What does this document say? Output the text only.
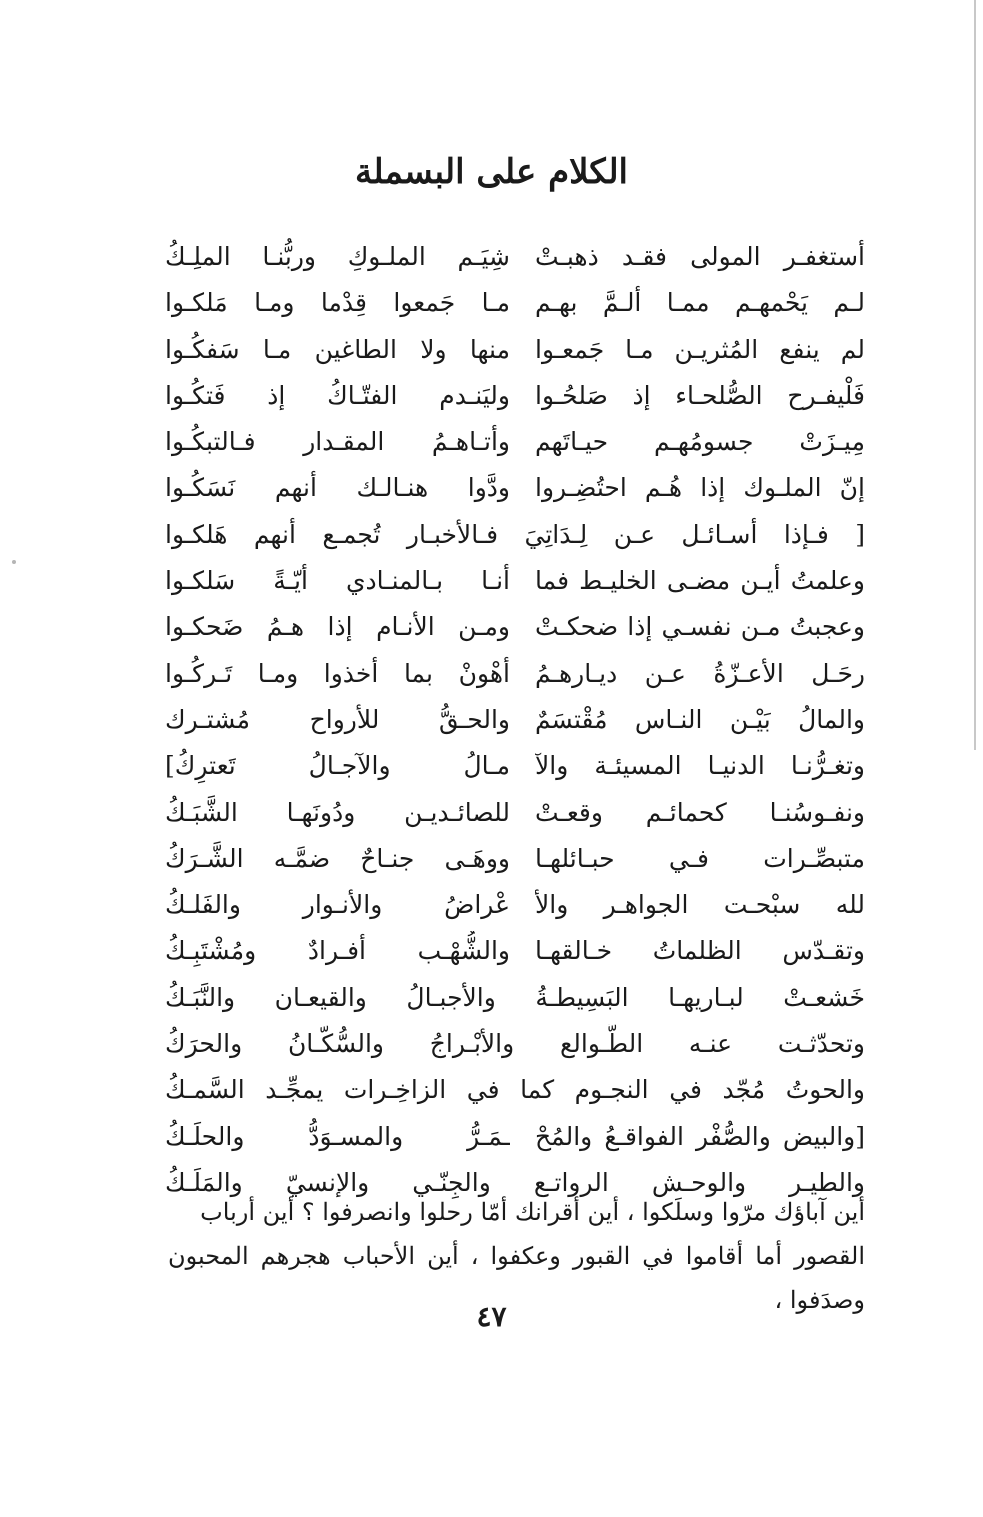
الكلام على البسملة
أستغفـر المولى فقـد ذهبـتْ
شِيَـم الملـوكِ وربُّنـا الملِـكُ
لـم يَحْمهـم ممـا ألـمَّ بهـم
مـا جَمعوا قِدْما ومـا مَلكـوا
لم ينفع المُثريـن مـا جَمعـوا
منها ولا الطاغين مـا سَفكُـوا
فَلْيفـرح الصُّلحـاء إذ صَلحُـوا
وليَنـدم الفتّـاكُ إذ فَتكُـوا
مِيـزَتْ جسومُهـم حيـاتَهم
وأتـاهـمُ المقـدار فـالتبكُـوا
إنّ الملـوك إذا هُـم احتُضِـروا
ودَّوا هنـالـك أنهم نَسَكُـوا
[ فـإذا أسـائـل عـن لِـدَاتِيَ فـالأخبـار تُجمـع أنهم هَلكـوا
وعلمتُ أيـن مضـى الخليـط فما
أنـا بـالمنـادي أيّـةً سَلكـوا
وعجبتُ مـن نفسـي إذا ضحكـتْ
ومـن الأنـام إذا هـمُ ضَحكـوا
رحَـل الأعـزّةُ عـن ديـارهـمُ
أهْونْ بما أخذوا ومـا تَـركُـوا
والمالُ بَيْـن النـاس مُقْتسَمٌ
والحـقُّ للأرواح مُشتـرك
وتغـرُّنـا الدنيـا المسيئـة والآ
مـالُ والآجـالُ تَعترِكُ]
ونفـوسُنـا كحمائـم وقعـتْ
للصائـديـن ودُونَهـا الشَّبَـكُ
متبصِّـرات فـي حبـائلهـا
ووهَـى جنـاحٌ ضمَّـه الشَّـرَكُ
لله سبْحـت الجواهـر والأ
عْراضُ والأنـوار والفَلـكُ
وتقـدّس الظلماتُ خـالقهـا
والشُّهْـب أفـرادٌ ومُشْتَبِـكُ
خَشعـتْ لبـاريهـا البَسِيطـةُ والأجبـالُ والقيعـان والنَّبَـكُ
وتحدّثـت عنـه الطَّـوالع والأبْـراجُ والسُّكّـانُ والحرَكُ
والحوتُ مُجّد في النجـوم كما في الزاخِـرات يمجِّـد السَّمـكُ
[والبيض والصُّفْر الفواقـعُ والمُحْ
ـمَـرُّ والمسـوَدُّ والحلَـكُ
والطيـر والوحـش الرواتـع والجِنّـي والإنسيّ والمَلَـكُ

أين آباؤك مرّوا وسلَكوا ، أين أقرانك أمّا رحلوا وانصرفوا ؟ أين أرباب

القصور أما أقاموا في القبور وعكفوا ، أين الأحباب هجرهم المحبون وصدَفوا ،

٤٧
